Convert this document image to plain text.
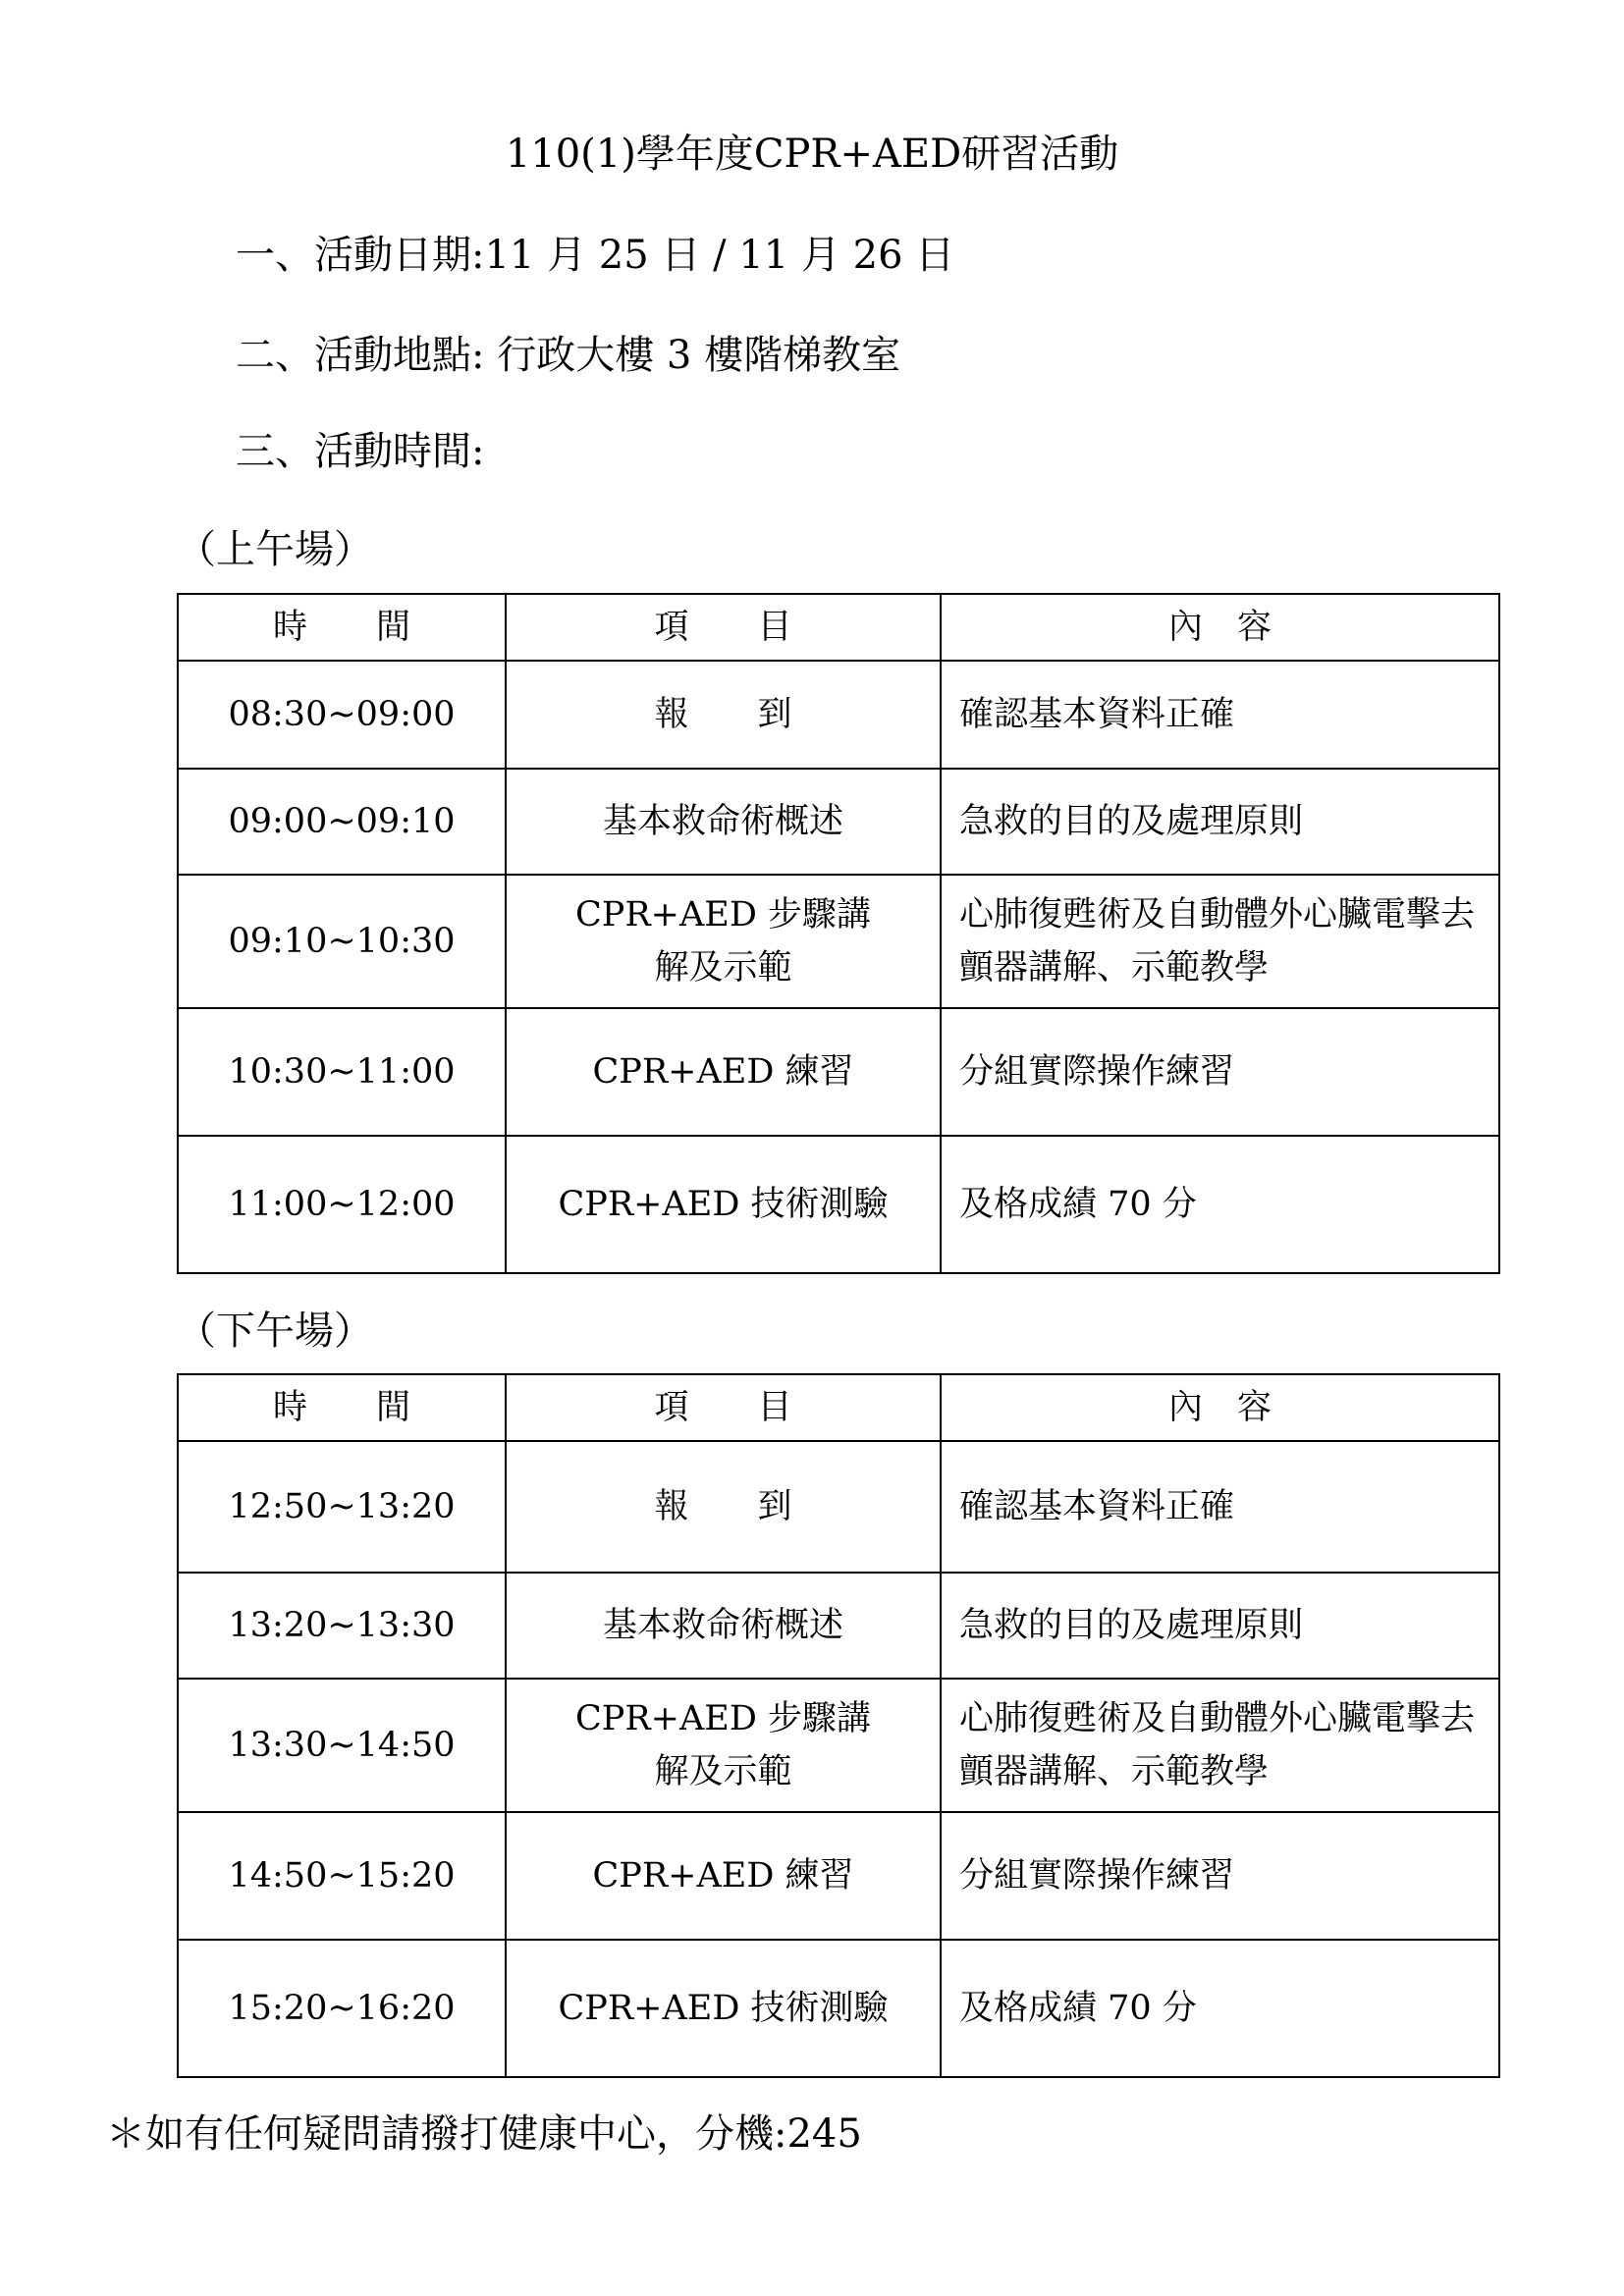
110(1)學年度CPR+AED研習活動
一、活動日期:11 月 25 日 / 11 月 26 日
二、活動地點: 行政大樓 3 樓階梯教室
三、活動時間:
（上午場）
時　　間	項　　目	內　容
08:30~09:00	報　　到	確認基本資料正確
09:00~09:10	基本救命術概述	急救的目的及處理原則
09:10~10:30	CPR+AED 步驟講解及示範	心肺復甦術及自動體外心臟電擊去顫器講解、示範教學
10:30~11:00	CPR+AED 練習	分組實際操作練習
11:00~12:00	CPR+AED 技術測驗	及格成績 70 分
（下午場）
時　　間	項　　目	內　容
12:50~13:20	報　　到	確認基本資料正確
13:20~13:30	基本救命術概述	急救的目的及處理原則
13:30~14:50	CPR+AED 步驟講解及示範	心肺復甦術及自動體外心臟電擊去顫器講解、示範教學
14:50~15:20	CPR+AED 練習	分組實際操作練習
15:20~16:20	CPR+AED 技術測驗	及格成績 70 分
＊如有任何疑問請撥打健康中心，分機:245
